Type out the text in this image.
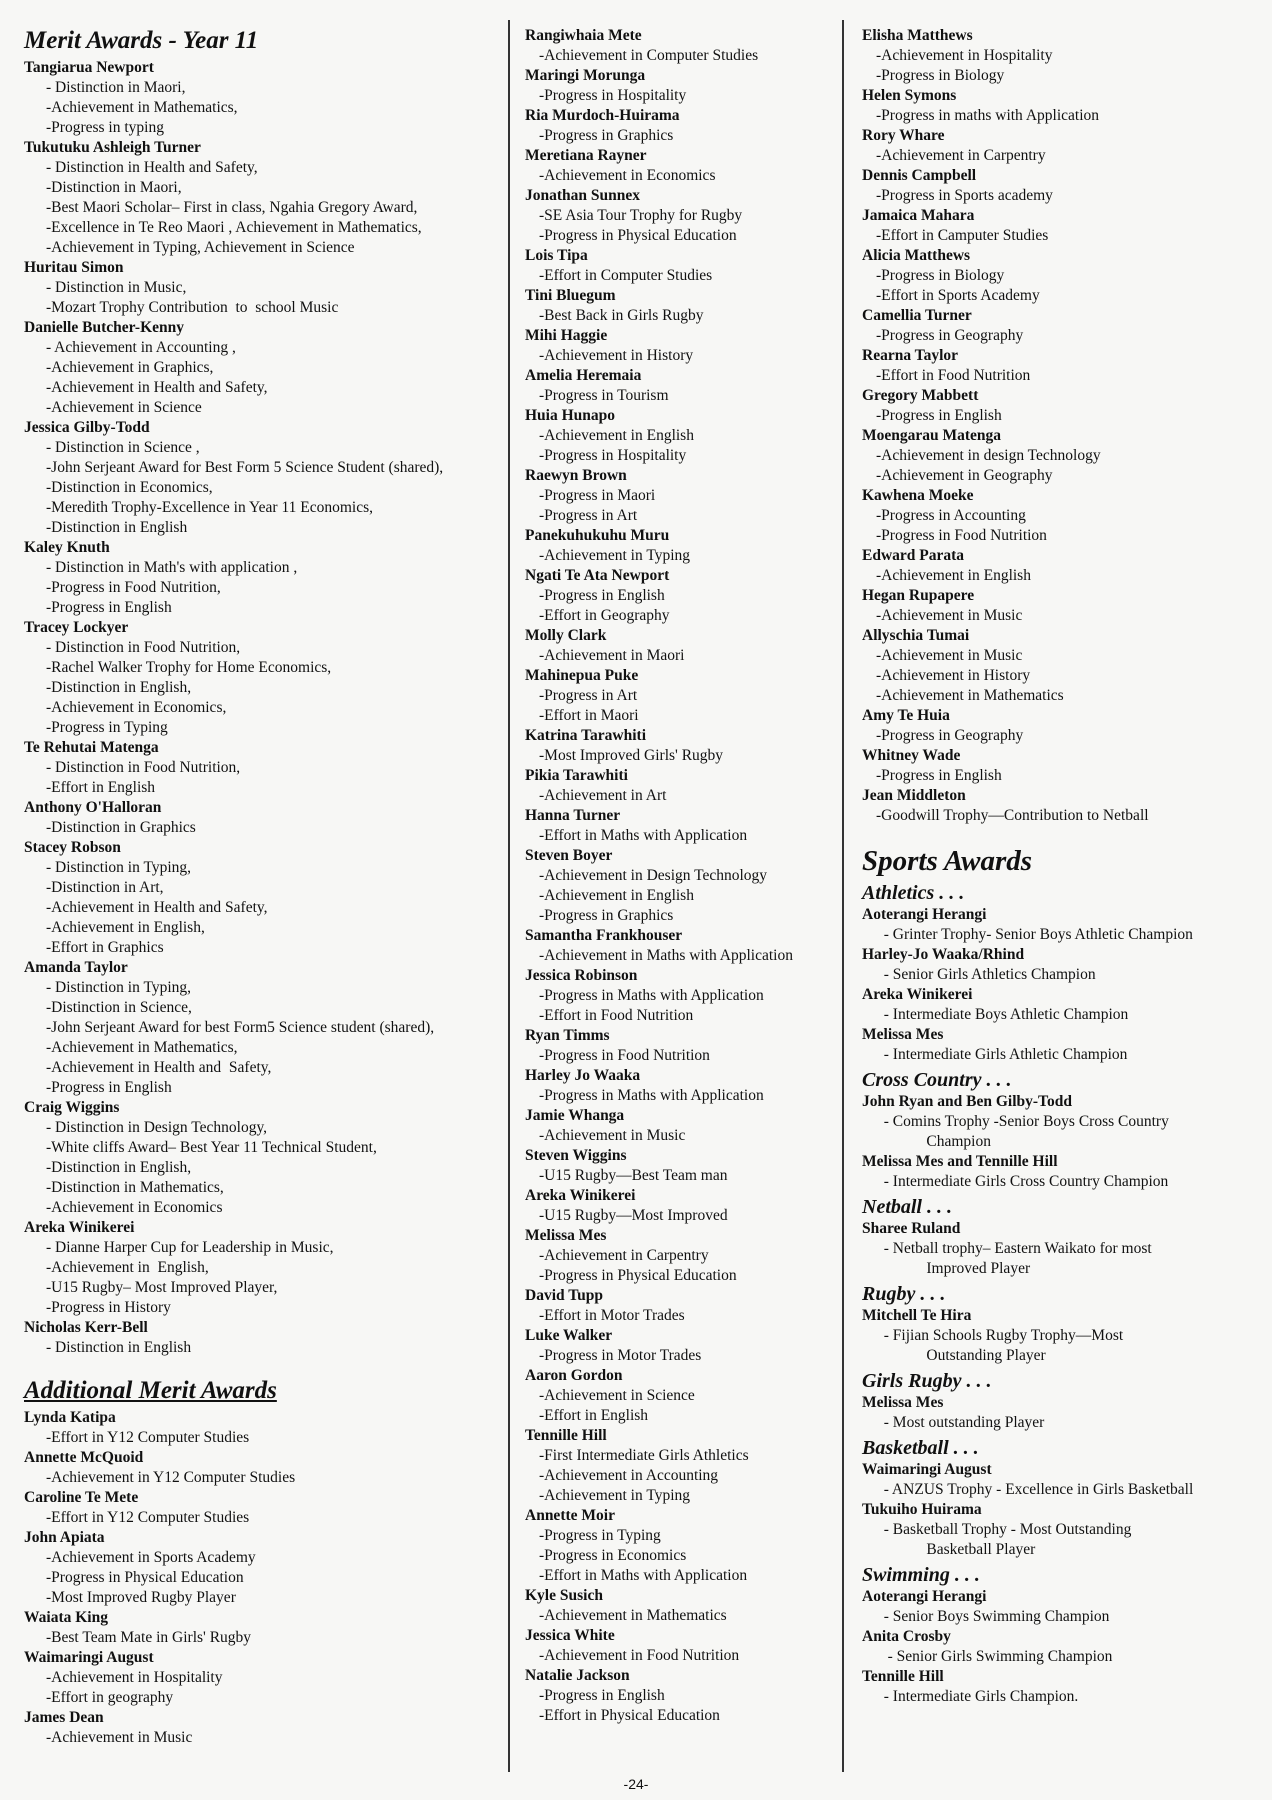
Merit Awards - Year 11
Tangiarua Newport
- Distinction in Maori,
-Achievement in Mathematics,
-Progress in typing
Tukutuku Ashleigh Turner
- Distinction in Health and Safety,
-Distinction in Maori,
-Best Maori Scholar– First in class, Ngahia Gregory Award,
-Excellence in Te Reo Maori , Achievement in Mathematics,
-Achievement in Typing, Achievement in Science
Huritau Simon
- Distinction in Music,
-Mozart Trophy Contribution  to  school Music
Danielle Butcher-Kenny
- Achievement in Accounting ,
-Achievement in Graphics,
-Achievement in Health and Safety,
-Achievement in Science
Jessica Gilby-Todd
- Distinction in Science ,
-John Serjeant Award for Best Form 5 Science Student (shared),
-Distinction in Economics,
-Meredith Trophy-Excellence in Year 11 Economics,
-Distinction in English
Kaley Knuth
- Distinction in Math's with application ,
-Progress in Food Nutrition,
-Progress in English
Tracey Lockyer
- Distinction in Food Nutrition,
-Rachel Walker Trophy for Home Economics,
-Distinction in English,
-Achievement in Economics,
-Progress in Typing
Te Rehutai Matenga
- Distinction in Food Nutrition,
-Effort in English
Anthony O'Halloran
-Distinction in Graphics
Stacey Robson
- Distinction in Typing,
-Distinction in Art,
-Achievement in Health and Safety,
-Achievement in English,
-Effort in Graphics
Amanda Taylor
- Distinction in Typing,
-Distinction in Science,
-John Serjeant Award for best Form5 Science student (shared),
-Achievement in Mathematics,
-Achievement in Health and  Safety,
-Progress in English
Craig Wiggins
- Distinction in Design Technology,
-White cliffs Award– Best Year 11 Technical Student,
-Distinction in English,
-Distinction in Mathematics,
-Achievement in Economics
Areka Winikerei
- Dianne Harper Cup for Leadership in Music,
-Achievement in  English,
-U15 Rugby– Most Improved Player,
-Progress in History
Nicholas Kerr-Bell
- Distinction in English
Additional Merit Awards
Lynda Katipa
-Effort in Y12 Computer Studies
Annette McQuoid
-Achievement in Y12 Computer Studies
Caroline Te Mete
-Effort in Y12 Computer Studies
John Apiata
-Achievement in Sports Academy
-Progress in Physical Education
-Most Improved Rugby Player
Waiata King
-Best Team Mate in Girls' Rugby
Waimaringi August
-Achievement in Hospitality
-Effort in geography
James Dean
-Achievement in Music
Rangiwhaia Mete
-Achievement in Computer Studies
Maringi Morunga
-Progress in Hospitality
Ria Murdoch-Huirama
-Progress in Graphics
Meretiana Rayner
-Achievement in Economics
Jonathan Sunnex
-SE Asia Tour Trophy for Rugby
-Progress in Physical Education
Lois Tipa
-Effort in Computer Studies
Tini Bluegum
-Best Back in Girls Rugby
Mihi Haggie
-Achievement in History
Amelia Heremaia
-Progress in Tourism
Huia Hunapo
-Achievement in English
-Progress in Hospitality
Raewyn Brown
-Progress in Maori
-Progress in Art
Panekuhukuhu Muru
-Achievement in Typing
Ngati Te Ata Newport
-Progress in English
-Effort in Geography
Molly Clark
-Achievement in Maori
Mahinepua Puke
-Progress in Art
-Effort in Maori
Katrina Tarawhiti
-Most Improved Girls' Rugby
Pikia Tarawhiti
-Achievement in Art
Hanna Turner
-Effort in Maths with Application
Steven Boyer
-Achievement in Design Technology
-Achievement in English
-Progress in Graphics
Samantha Frankhouser
-Achievement in Maths with Application
Jessica Robinson
-Progress in Maths with Application
-Effort in Food Nutrition
Ryan Timms
-Progress in Food Nutrition
Harley Jo Waaka
-Progress in Maths with Application
Jamie Whanga
-Achievement in Music
Steven Wiggins
-U15 Rugby—Best Team man
Areka Winikerei
-U15 Rugby—Most Improved
Melissa Mes
-Achievement in Carpentry
-Progress in Physical Education
David Tupp
-Effort in Motor Trades
Luke Walker
-Progress in Motor Trades
Aaron Gordon
-Achievement in Science
-Effort in English
Tennille Hill
-First Intermediate Girls Athletics
-Achievement in Accounting
-Achievement in Typing
Annette Moir
-Progress in Typing
-Progress in Economics
-Effort in Maths with Application
Kyle Susich
-Achievement in Mathematics
Jessica White
-Achievement in Food Nutrition
Natalie Jackson
-Progress in English
-Effort in Physical Education
Elisha Matthews
-Achievement in Hospitality
-Progress in Biology
Helen Symons
-Progress in maths with Application
Rory Whare
-Achievement in Carpentry
Dennis Campbell
-Progress in Sports academy
Jamaica Mahara
-Effort in Camputer Studies
Alicia Matthews
-Progress in Biology
-Effort in Sports Academy
Camellia Turner
-Progress in Geography
Rearna Taylor
-Effort in Food Nutrition
Gregory Mabbett
-Progress in English
Moengarau Matenga
-Achievement in design Technology
-Achievement in Geography
Kawhena Moeke
-Progress in Accounting
-Progress in Food Nutrition
Edward Parata
-Achievement in English
Hegan Rupapere
-Achievement in Music
Allyschia Tumai
-Achievement in Music
-Achievement in History
-Achievement in Mathematics
Amy Te Huia
-Progress in Geography
Whitney Wade
-Progress in English
Jean Middleton
-Goodwill Trophy—Contribution to Netball
Sports Awards
Athletics . . .
Aoterangi Herangi
- Grinter Trophy- Senior Boys Athletic Champion
Harley-Jo Waaka/Rhind
- Senior Girls Athletics Champion
Areka Winikerei
- Intermediate Boys Athletic Champion
Melissa Mes
- Intermediate Girls Athletic Champion
Cross Country . . .
John Ryan and Ben Gilby-Todd
- Comins Trophy -Senior Boys Cross Country
Champion
Melissa Mes and Tennille Hill
- Intermediate Girls Cross Country Champion
Netball . . .
Sharee Ruland
- Netball trophy– Eastern Waikato for most
Improved Player
Rugby . . .
Mitchell Te Hira
- Fijian Schools Rugby Trophy—Most
Outstanding Player
Girls Rugby . . .
Melissa Mes
- Most outstanding Player
Basketball . . .
Waimaringi August
- ANZUS Trophy - Excellence in Girls Basketball
Tukuiho Huirama
- Basketball Trophy - Most Outstanding
Basketball Player
Swimming . . .
Aoterangi Herangi
- Senior Boys Swimming Champion
Anita Crosby
- Senior Girls Swimming Champion
Tennille Hill
- Intermediate Girls Champion.
-24-
